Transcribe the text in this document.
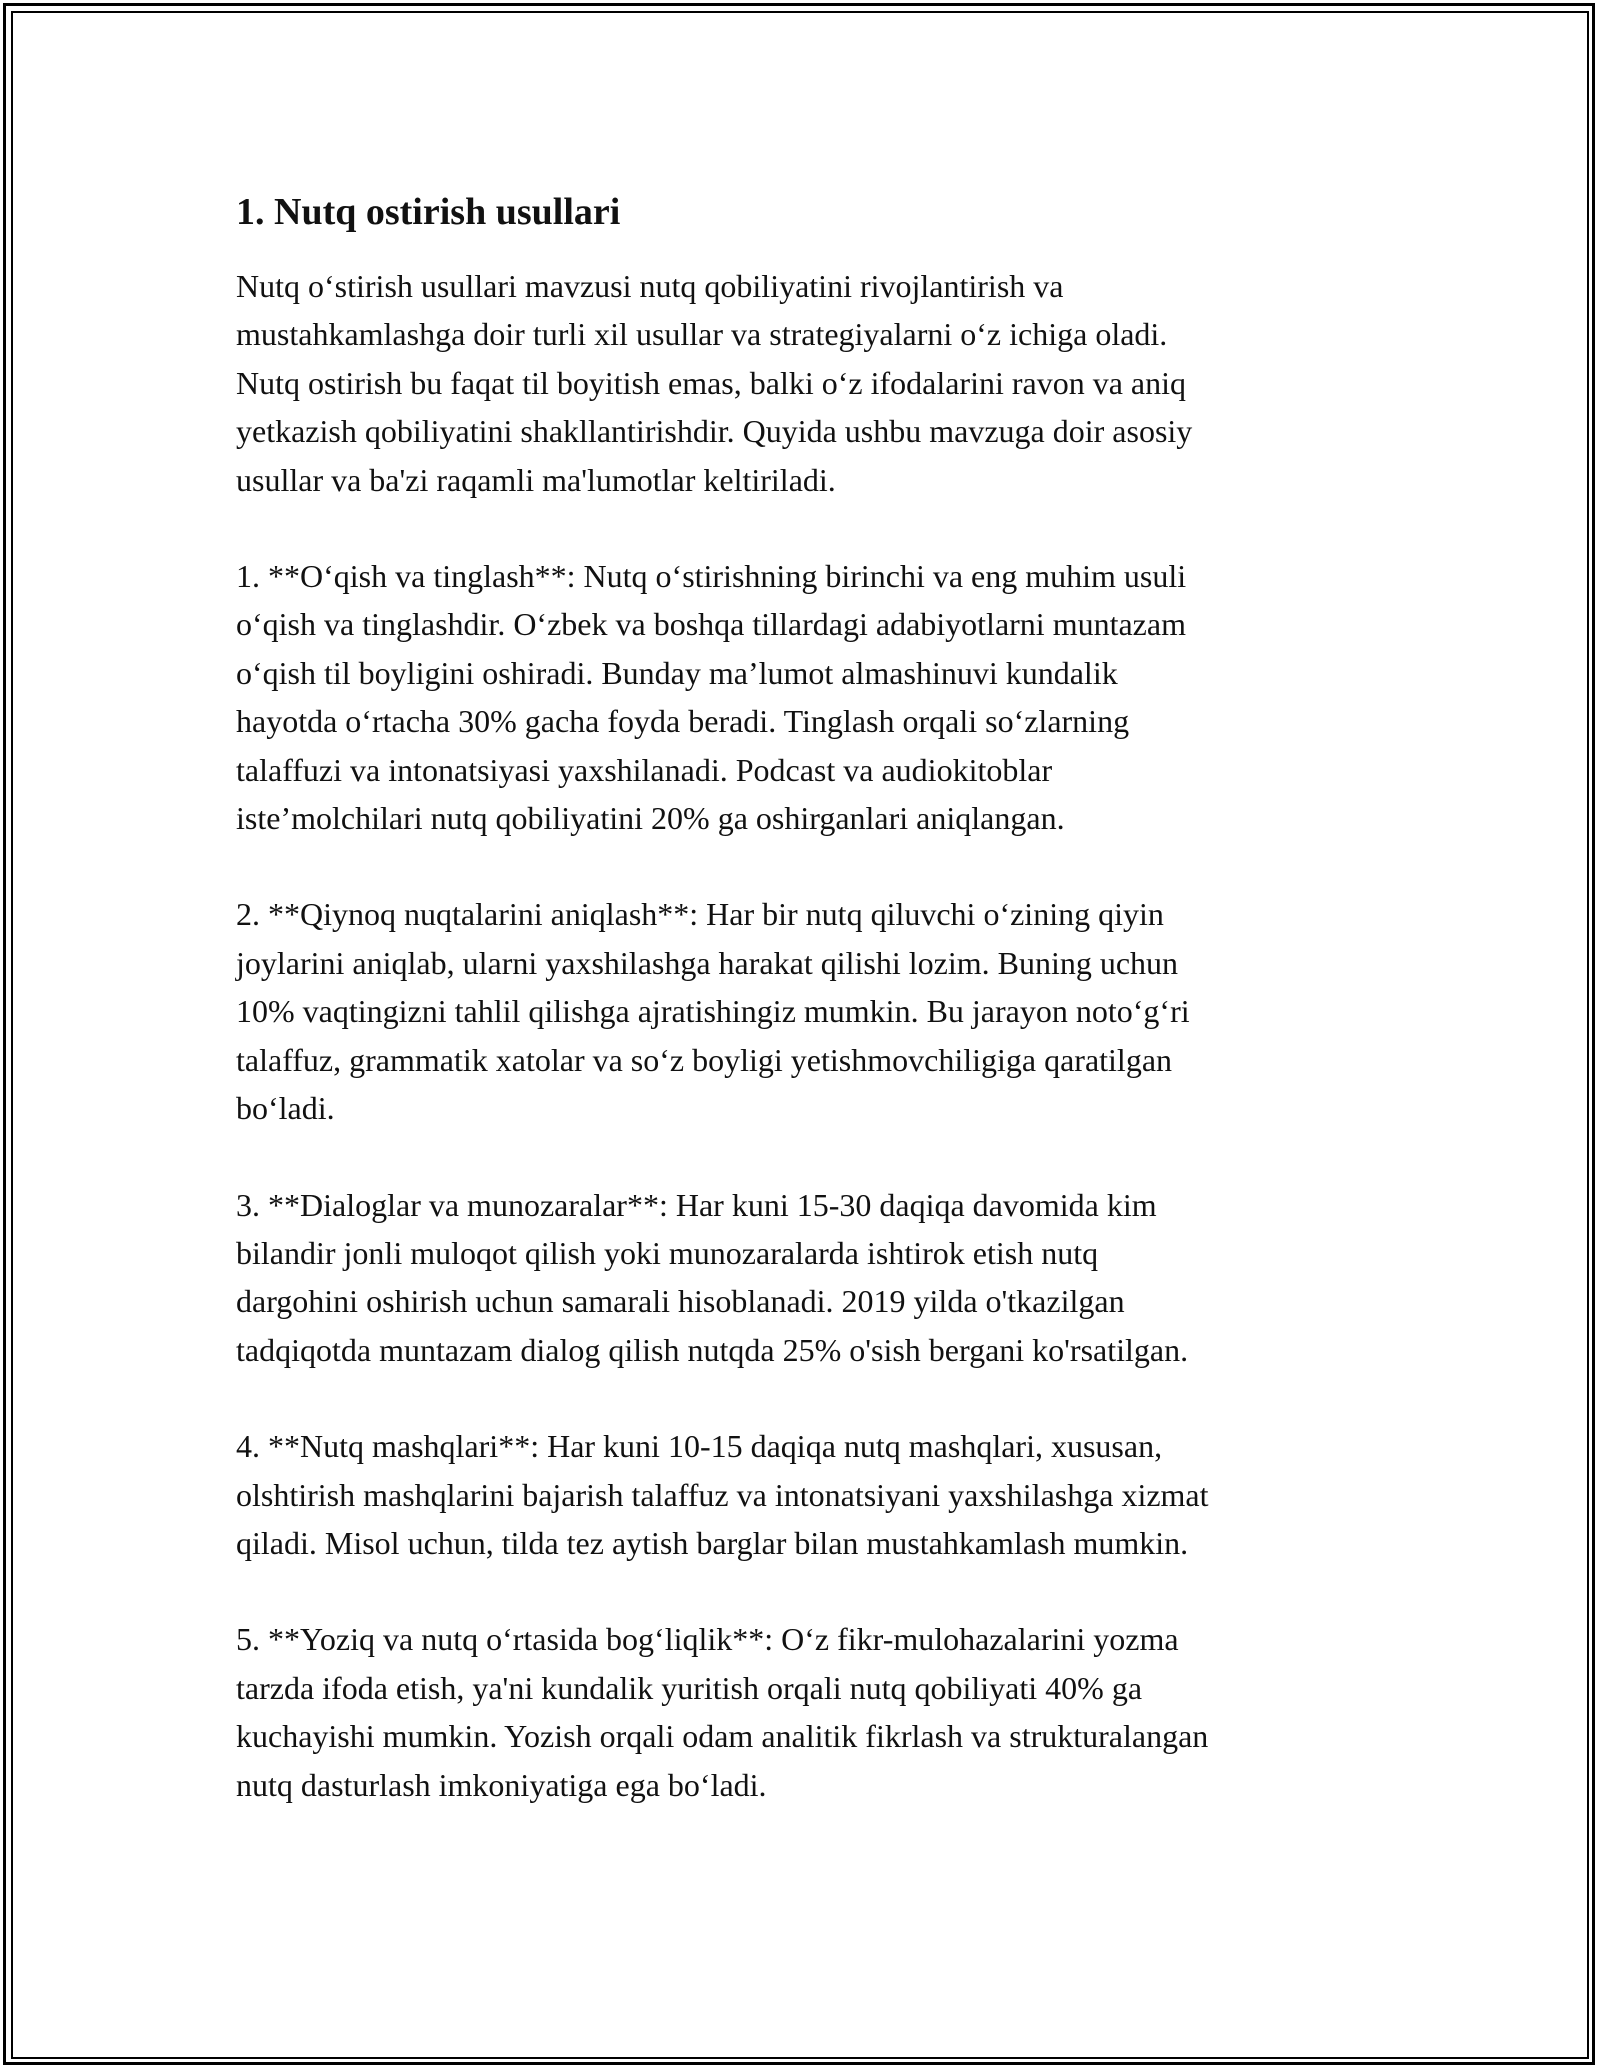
1. Nutq ostirish usullari

Nutq o‘stirish usullari mavzusi nutq qobiliyatini rivojlantirish va
mustahkamlashga doir turli xil usullar va strategiyalarni o‘z ichiga oladi.
Nutq ostirish bu faqat til boyitish emas, balki o‘z ifodalarini ravon va aniq
yetkazish qobiliyatini shakllantirishdir. Quyida ushbu mavzuga doir asosiy
usullar va ba'zi raqamli ma'lumotlar keltiriladi.

1. **O‘qish va tinglash**: Nutq o‘stirishning birinchi va eng muhim usuli
o‘qish va tinglashdir. O‘zbek va boshqa tillardagi adabiyotlarni muntazam
o‘qish til boyligini oshiradi. Bunday ma’lumot almashinuvi kundalik
hayotda o‘rtacha 30% gacha foyda beradi. Tinglash orqali so‘zlarning
talaffuzi va intonatsiyasi yaxshilanadi. Podcast va audiokitoblar
iste’molchilari nutq qobiliyatini 20% ga oshirganlari aniqlangan.

2. **Qiynoq nuqtalarini aniqlash**: Har bir nutq qiluvchi o‘zining qiyin
joylarini aniqlab, ularni yaxshilashga harakat qilishi lozim. Buning uchun
10% vaqtingizni tahlil qilishga ajratishingiz mumkin. Bu jarayon noto‘g‘ri
talaffuz, grammatik xatolar va so‘z boyligi yetishmovchiligiga qaratilgan
bo‘ladi.

3. **Dialoglar va munozaralar**: Har kuni 15-30 daqiqa davomida kim
bilandir jonli muloqot qilish yoki munozaralarda ishtirok etish nutq
dargohini oshirish uchun samarali hisoblanadi. 2019 yilda o'tkazilgan
tadqiqotda muntazam dialog qilish nutqda 25% o'sish bergani ko'rsatilgan.

4. **Nutq mashqlari**: Har kuni 10-15 daqiqa nutq mashqlari, xususan,
olshtirish mashqlarini bajarish talaffuz va intonatsiyani yaxshilashga xizmat
qiladi. Misol uchun, tilda tez aytish barglar bilan mustahkamlash mumkin.

5. **Yoziq va nutq o‘rtasida bog‘liqlik**: O‘z fikr-mulohazalarini yozma
tarzda ifoda etish, ya'ni kundalik yuritish orqali nutq qobiliyati 40% ga
kuchayishi mumkin. Yozish orqali odam analitik fikrlash va strukturalangan
nutq dasturlash imkoniyatiga ega bo‘ladi.
